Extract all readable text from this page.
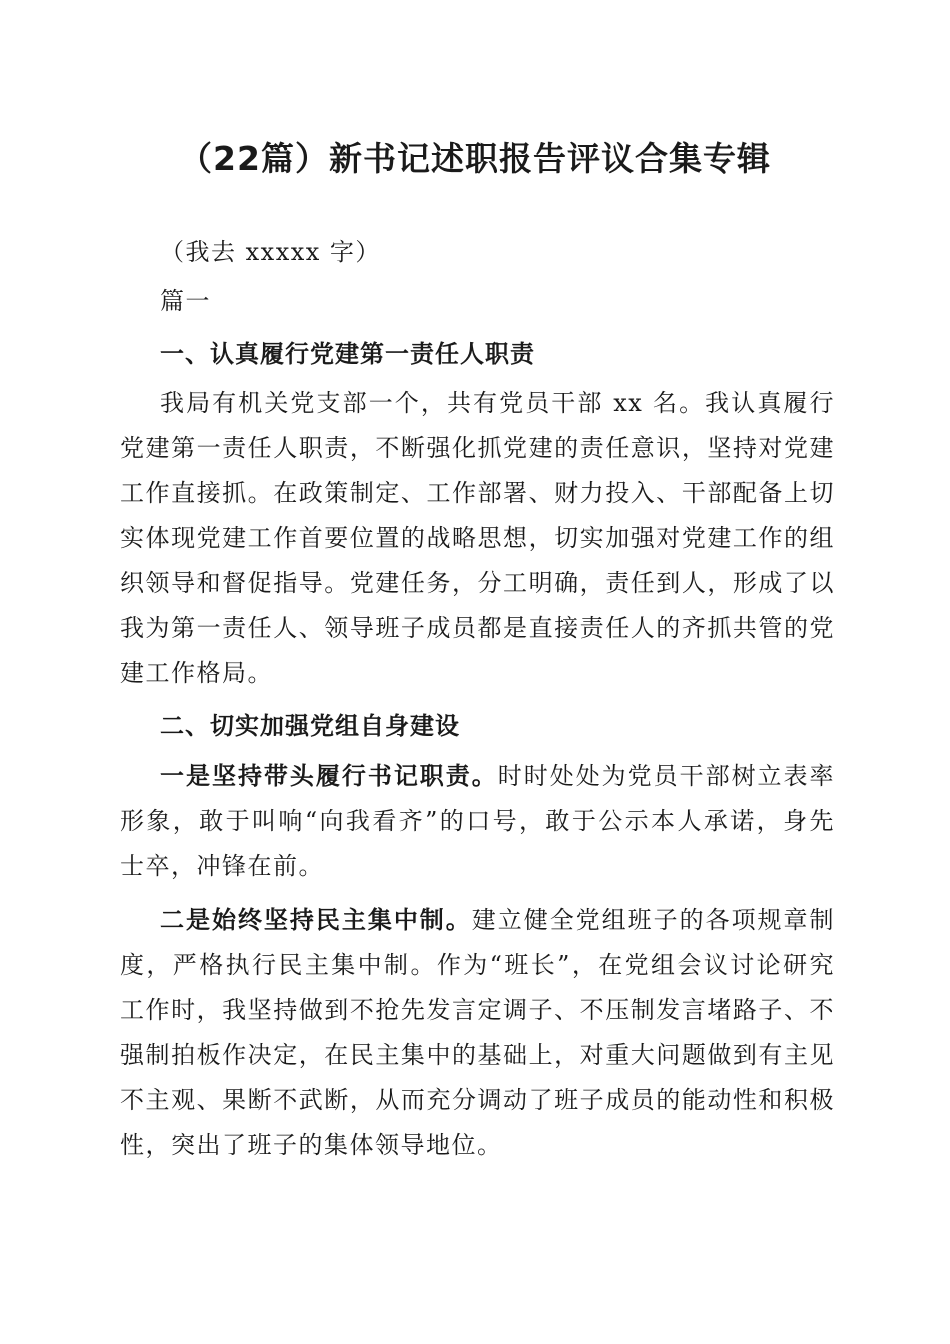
（22篇）新书记述职报告评议合集专辑

（我去 xxxxx 字）

篇一

一、认真履行党建第一责任人职责

我局有机关党支部一个，共有党员干部 xx 名。我认真履行党建第一责任人职责，不断强化抓党建的责任意识，坚持对党建工作直接抓。在政策制定、工作部署、财力投入、干部配备上切实体现党建工作首要位置的战略思想，切实加强对党建工作的组织领导和督促指导。党建任务，分工明确，责任到人，形成了以我为第一责任人、领导班子成员都是直接责任人的齐抓共管的党建工作格局。

二、切实加强党组自身建设

一是坚持带头履行书记职责。时时处处为党员干部树立表率形象，敢于叫响“向我看齐”的口号，敢于公示本人承诺，身先士卒，冲锋在前。

二是始终坚持民主集中制。建立健全党组班子的各项规章制度，严格执行民主集中制。作为“班长”，在党组会议讨论研究工作时，我坚持做到不抢先发言定调子、不压制发言堵路子、不强制拍板作决定，在民主集中的基础上，对重大问题做到有主见不主观、果断不武断，从而充分调动了班子成员的能动性和积极性，突出了班子的集体领导地位。
